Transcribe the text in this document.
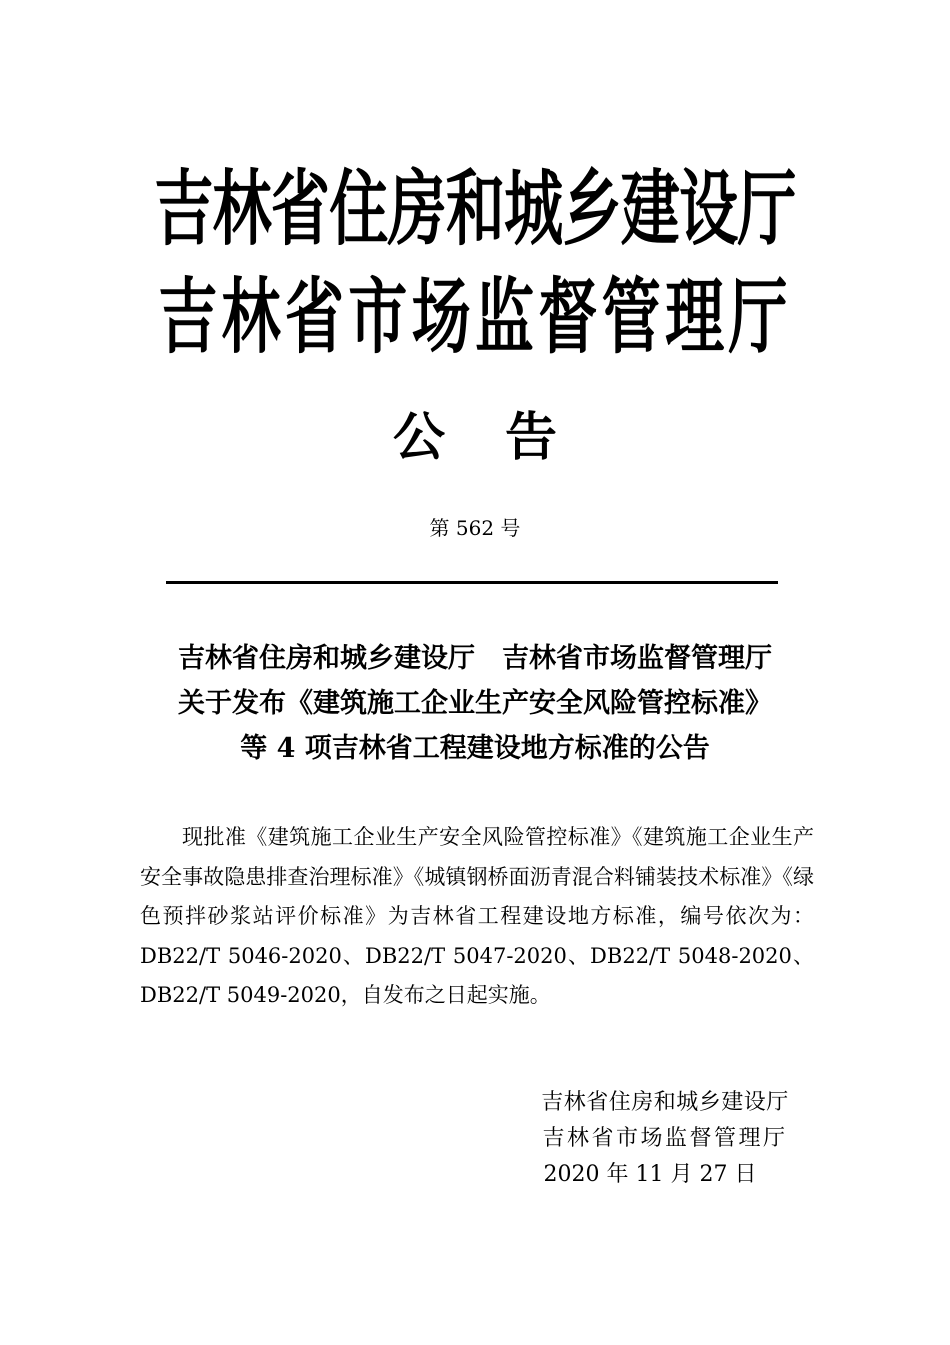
吉林省住房和城乡建设厅
吉林省市场监督管理厅
公告
第 562 号
吉林省住房和城乡建设厅　吉林省市场监督管理厅
关于发布《建筑施工企业生产安全风险管控标准》
等 4 项吉林省工程建设地方标准的公告
现批准《建筑施工企业生产安全风险管控标准》《建筑施工企业生产安全事故隐患排查治理标准》《城镇钢桥面沥青混合料铺装技术标准》《绿色预拌砂浆站评价标准》为吉林省工程建设地方标准，编号依次为：DB22/T 5046-2020、DB22/T 5047-2020、DB22/T 5048-2020、DB22/T 5049-2020，自发布之日起实施。
吉林省住房和城乡建设厅
吉林省市场监督管理厅
2020 年 11 月 27 日
